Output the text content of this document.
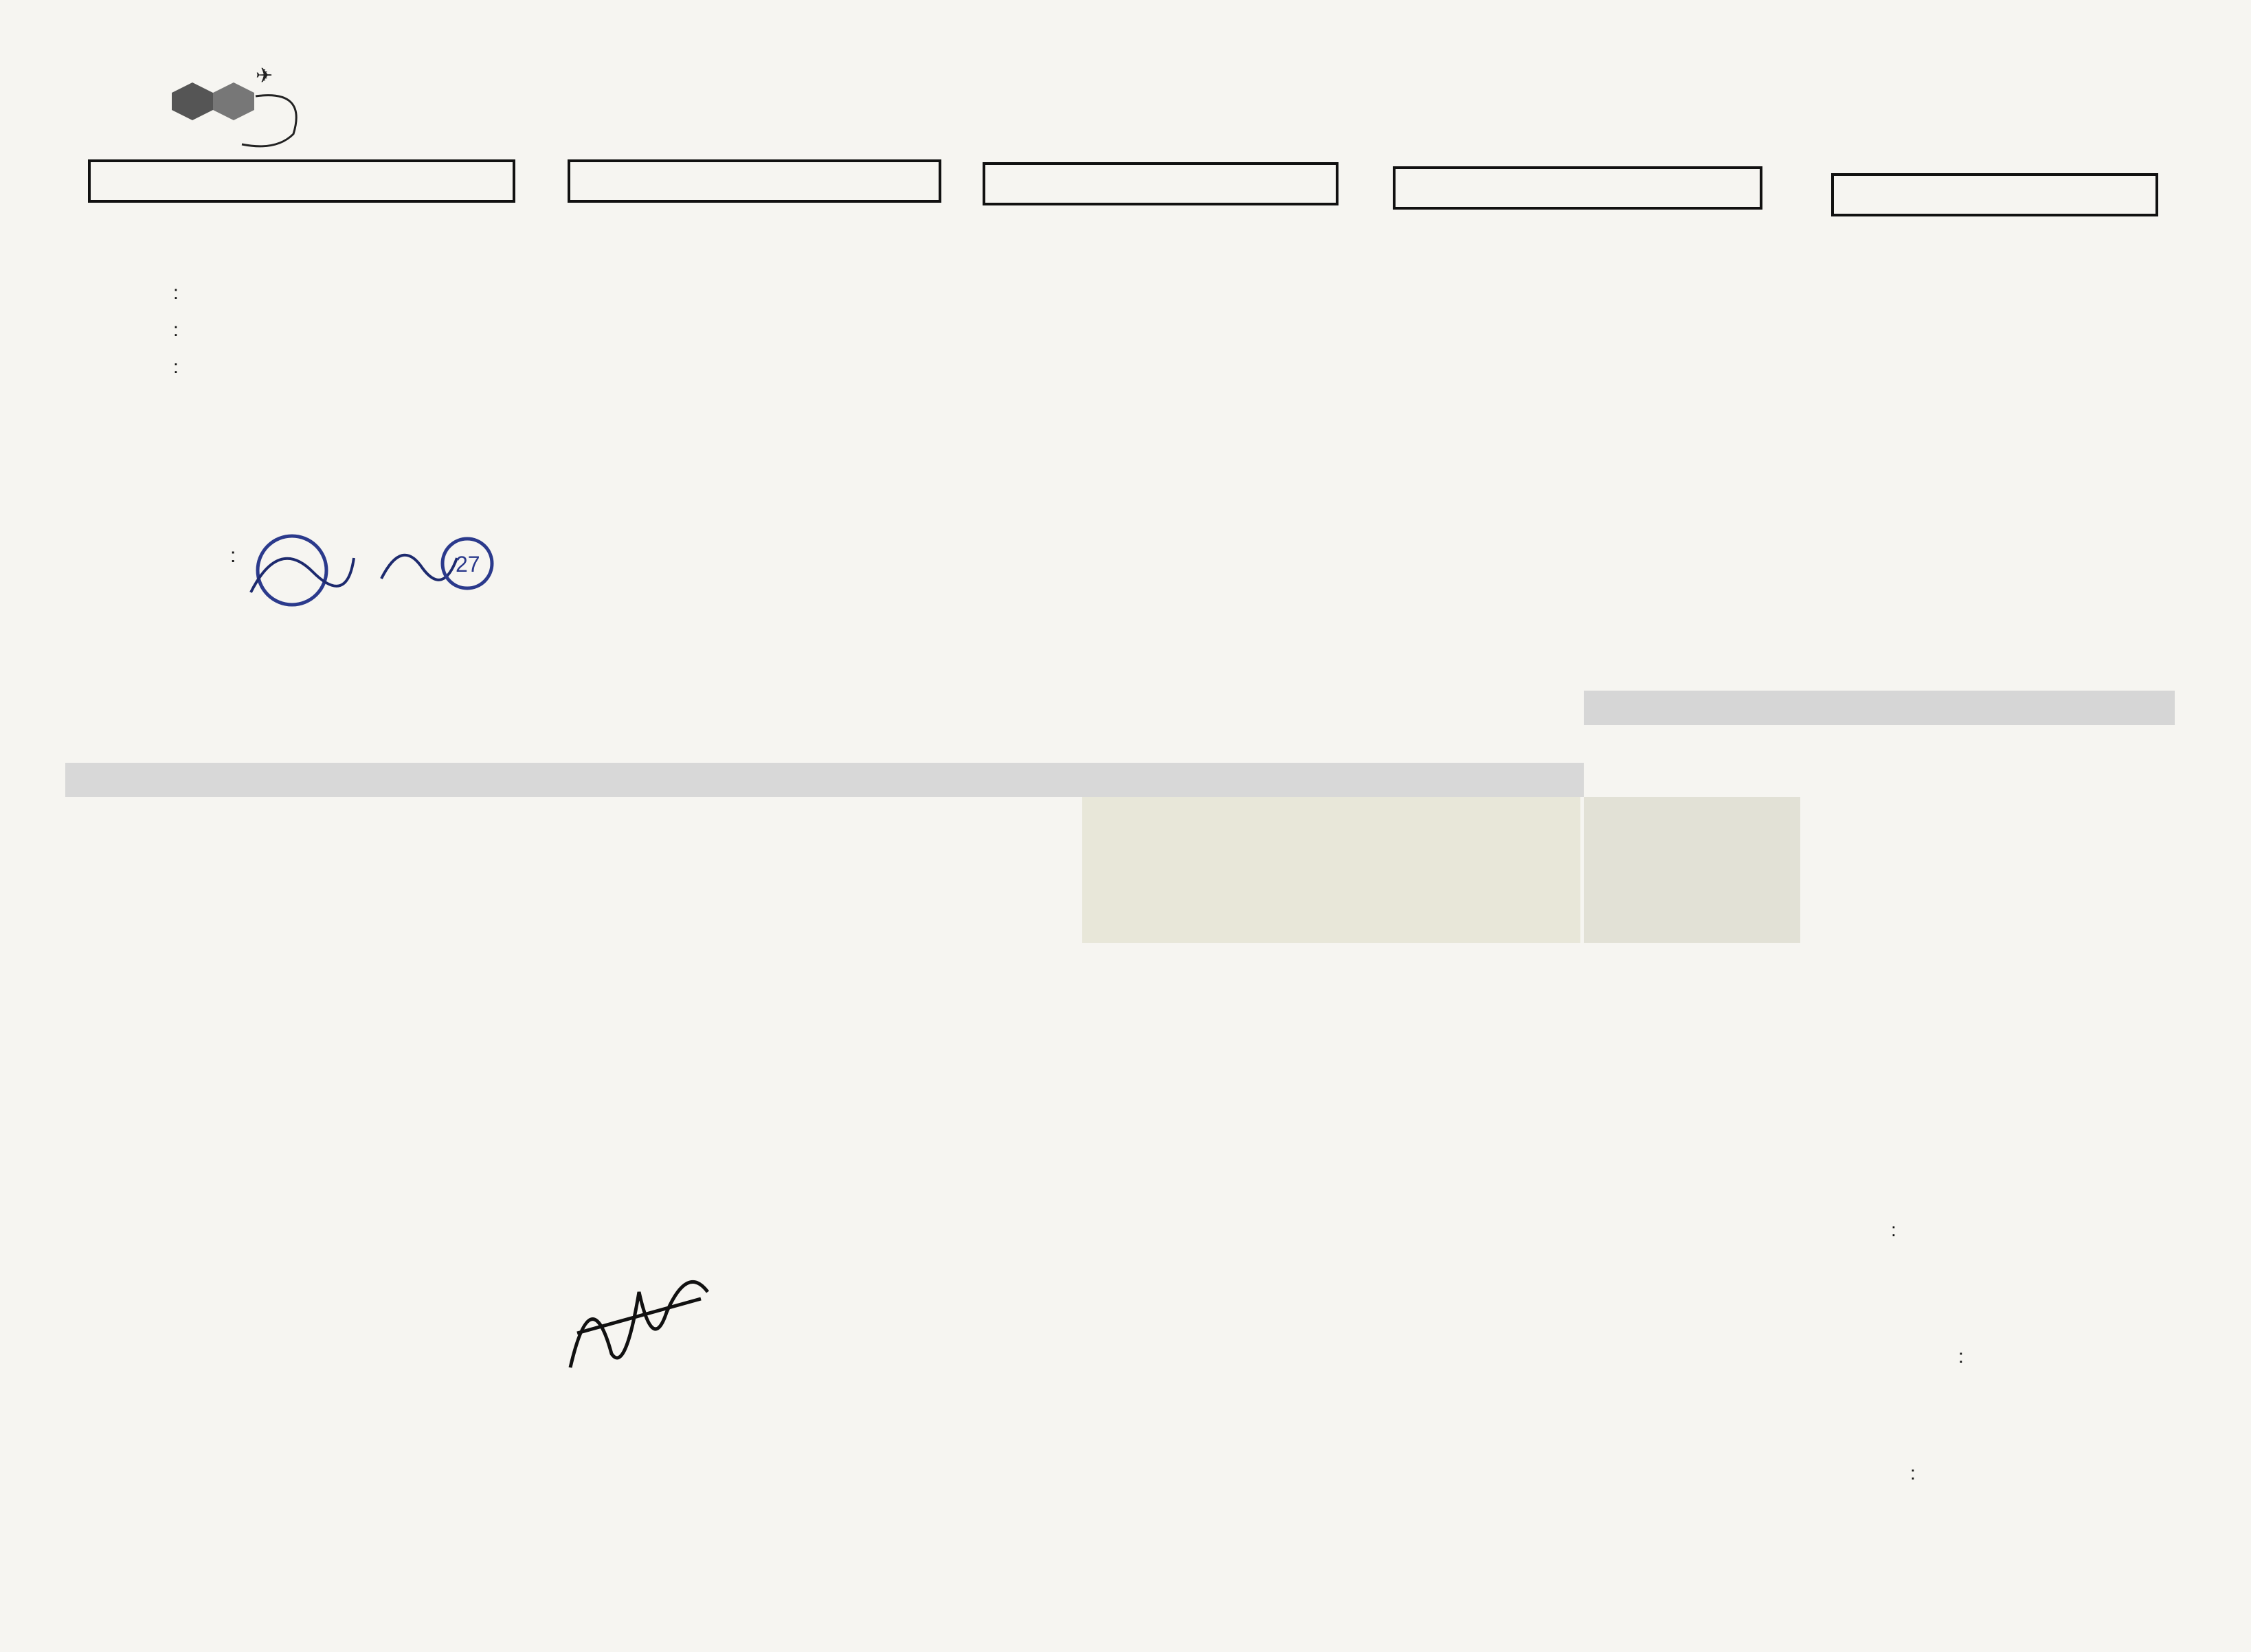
✈
:
:
:
:	27
:
:
:
